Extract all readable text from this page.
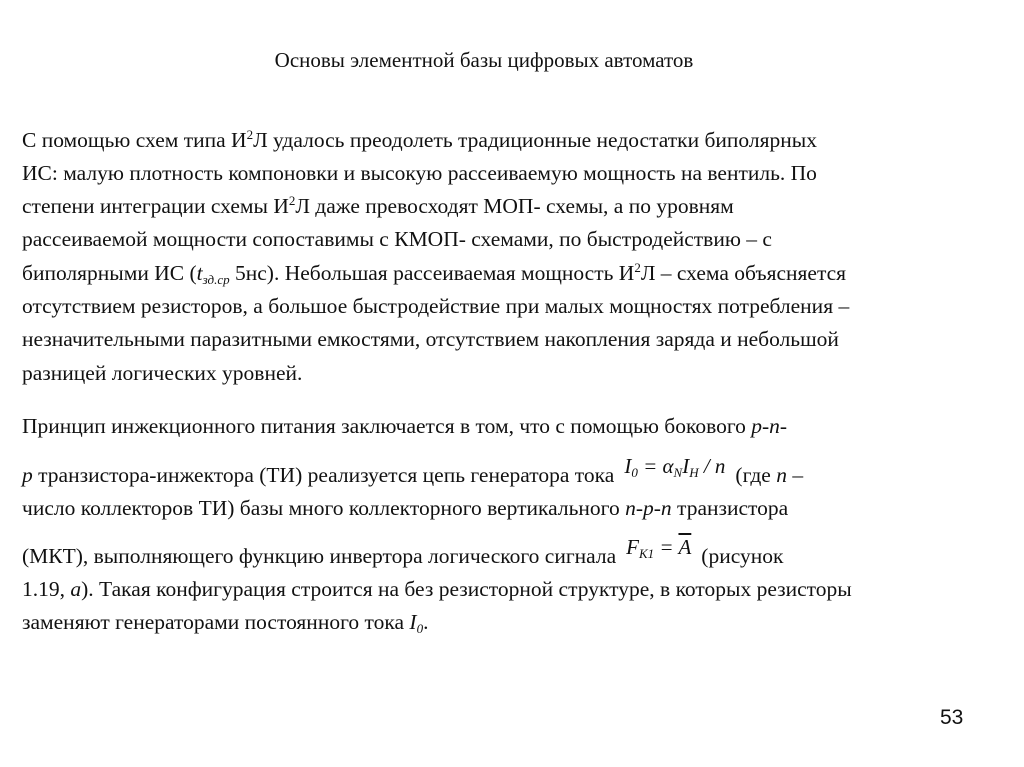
Основы элементной базы цифровых автоматов
С помощью схем типа $И^2Л$ удалось преодолеть традиционные недостатки биполярных
ИС: малую плотность компоновки и высокую рассеиваемую мощность на вентиль. По
степени интеграции схемы $И^2Л$ даже превосходят МОП- схемы, а по уровням
рассеиваемой мощности сопоставимы с КМОП- схемами, по быстродействию – с
биполярными ИС ($t_{зд.ср}$ 5нс). Небольшая рассеиваемая мощность $И^2Л$ – схема объясняется
отсутствием резисторов, а большое быстродействие при малых мощностях потребления –
незначительными паразитными емкостями, отсутствием накопления заряда и небольшой
разницей логических уровней.
Принцип инжекционного питания заключается в том, что с помощью бокового p-n-
p транзистора-инжектора (ТИ) реализуется цепь генератора тока $I_0 = \alpha_NI_H / n$ (где n –
число коллекторов ТИ) базы много коллекторного вертикального n-p-n транзистора
(МКТ), выполняющего функцию инвертора логического сигнала $F_{K1} = \overline{A}$ (рисунок
1.19, а). Такая конфигурация строится на без резисторной структуре, в которых резисторы
заменяют генераторами постоянного тока $I_0$.
53
